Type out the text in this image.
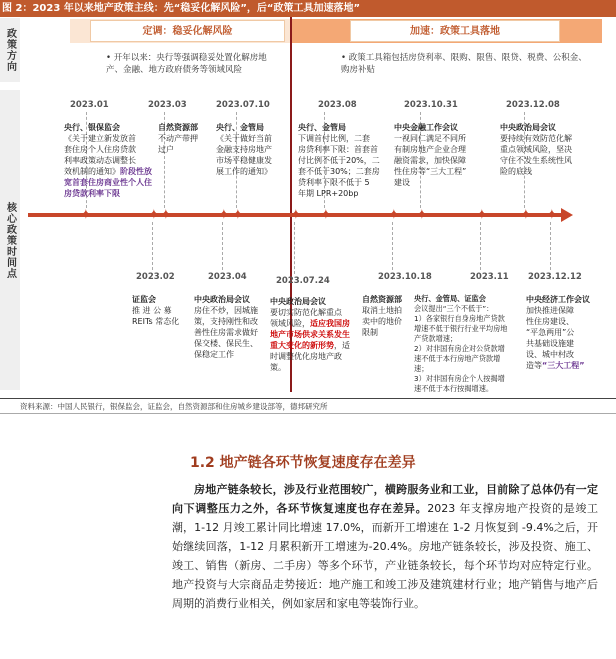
图 2：2023 年以来地产政策主线：先“稳妥化解风险”，后“政策工具加速落地”
政策方向
核心政策时间点
定调：稳妥化解风险	加速：政策工具落地
• 开年以来：央行等强调稳妥处置化解房地产、金融、地方政府债务等领域风险
• 政策工具箱包括房贷利率、限购、限售、限贷、税费、公积金、购房补贴
✦	✦	✦	✦	✦	✦
✦	✦	✦	✦	✦	✦
2023.01
央行、银保监会
《关于建立新发放首
套住房个人住房贷款
利率政策动态调整长
效机制的通知》阶段性放宽首套住房商业性个人住房贷款利率下限
2023.03
自然资源部
不动产带押
过户
2023.07.10
央行、金管局
《关于做好当前
金融支持房地产
市场平稳健康发
展工作的通知》
2023.08
央行、金管局
下调首付比例，二套
房贷利率下限：首套首
付比例不低于20%，二
套不低于30%；二套房
贷利率下限不低于 5
年期 LPR+20bp
2023.10.31
中央金融工作会议
一视同仁满足不同所
有制房地产企业合理
融资需求，加快保障
性住房等“三大工程”
建设
2023.12.08
中央政治局会议
要持续有效防范化解
重点领域风险，坚决
守住不发生系统性风
险的底线
2023.02
证监会
推 进 公 募
REITs 常态化
2023.04
中央政治局会议
房住不炒，因城施
策，支持刚性和改
善性住房需求做好
保交楼、保民生、
保稳定工作
2023.07.24
中央政治局会议
要切实防范化解重点
领域风险，适应我国房地产市场供求关系发生重大变化的新形势，适时调整优化房地产政策。
2023.10.18
自然资源部
取消土地拍
卖中的地价
限制
2023.11
央行、金管局、证监会
会议提出“三个不低于”：
1）各家银行自身房地产贷款
增速不低于银行行业平均房地
产贷款增速；
2）对非国有房企对公贷款增
速不低于本行房地产贷款增
速；
3）对非国有房企个人按揭增
速不低于本行按揭增速。
2023.12.12
中央经济工作会议
加快推进保障
性住房建设、
“平急两用”公
共基础设施建
设、城中村改
造等“三大工程”
资料来源：中国人民银行，银保监会，证监会，自然资源部和住房城乡建设部等，德邦研究所
1.2 地产链各环节恢复速度存在差异
房地产链条较长，涉及行业范围较广，横跨服务业和工业，目前除了总体仍有一定向下调整压力之外，各环节恢复速度也存在差异。2023 年支撑房地产投资的是竣工潮，1-12 月竣工累计同比增速 17.0%，而新开工增速在 1-2 月恢复到 -9.4%之后，开始继续回落，1-12 月累积新开工增速为-20.4%。房地产链条较长，涉及投资、施工、竣工、销售（新房、二手房）等多个环节，产业链条较长，每个环节均对应特定行业。地产投资与大宗商品走势接近：地产施工和竣工涉及建筑建材行业；地产销售与地产后周期的消费行业相关，例如家居和家电等装饰行业。
